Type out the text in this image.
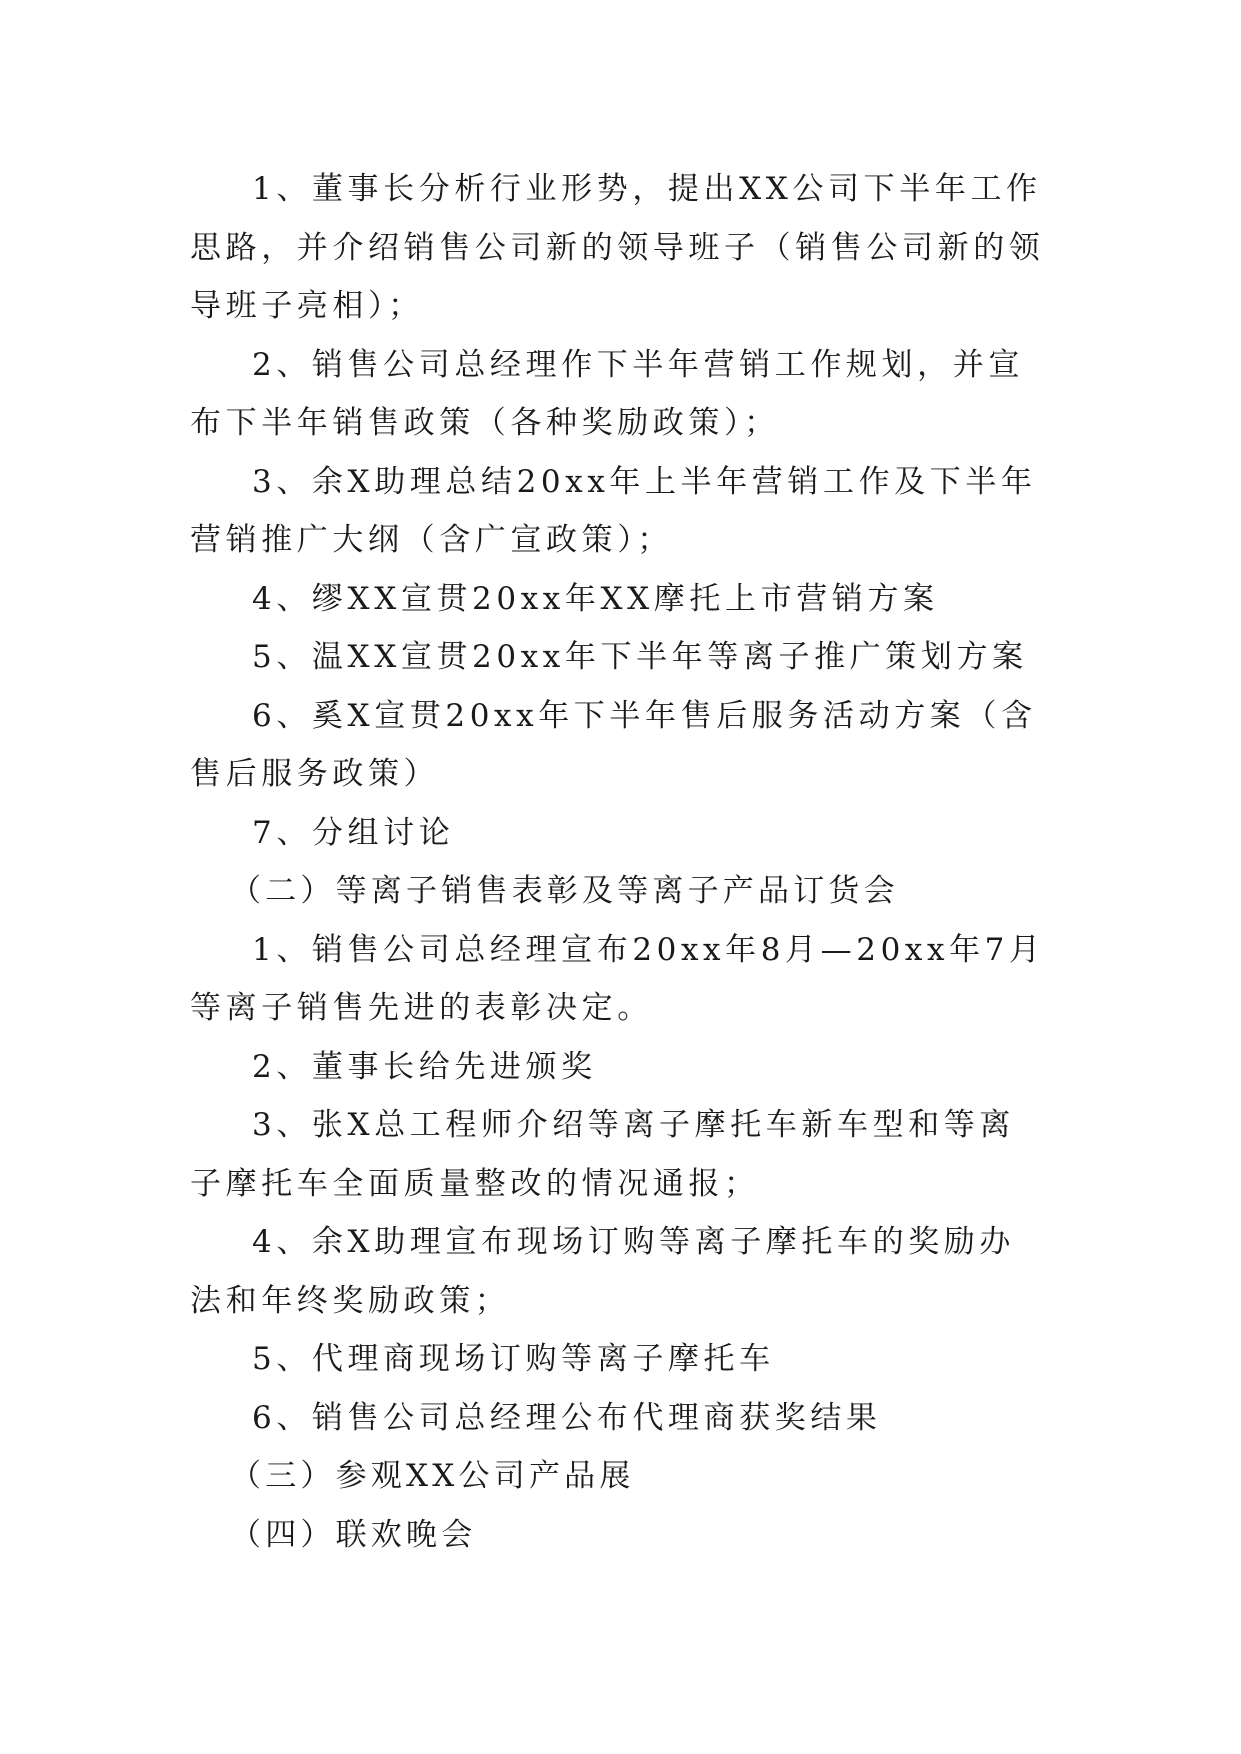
1、董事长分析行业形势，提出XX公司下半年工作思路，并介绍销售公司新的领导班子（销售公司新的领导班子亮相）；

2、销售公司总经理作下半年营销工作规划，并宣布下半年销售政策（各种奖励政策）；

3、余X助理总结20xx年上半年营销工作及下半年营销推广大纲（含广宣政策）；

4、缪XX宣贯20xx年XX摩托上市营销方案

5、温XX宣贯20xx年下半年等离子推广策划方案

6、奚X宣贯20xx年下半年售后服务活动方案（含售后服务政策）

7、分组讨论

（二）等离子销售表彰及等离子产品订货会

1、销售公司总经理宣布20xx年8月—20xx年7月等离子销售先进的表彰决定。

2、董事长给先进颁奖

3、张X总工程师介绍等离子摩托车新车型和等离子摩托车全面质量整改的情况通报；

4、余X助理宣布现场订购等离子摩托车的奖励办法和年终奖励政策；

5、代理商现场订购等离子摩托车

6、销售公司总经理公布代理商获奖结果

（三）参观XX公司产品展

（四）联欢晚会
